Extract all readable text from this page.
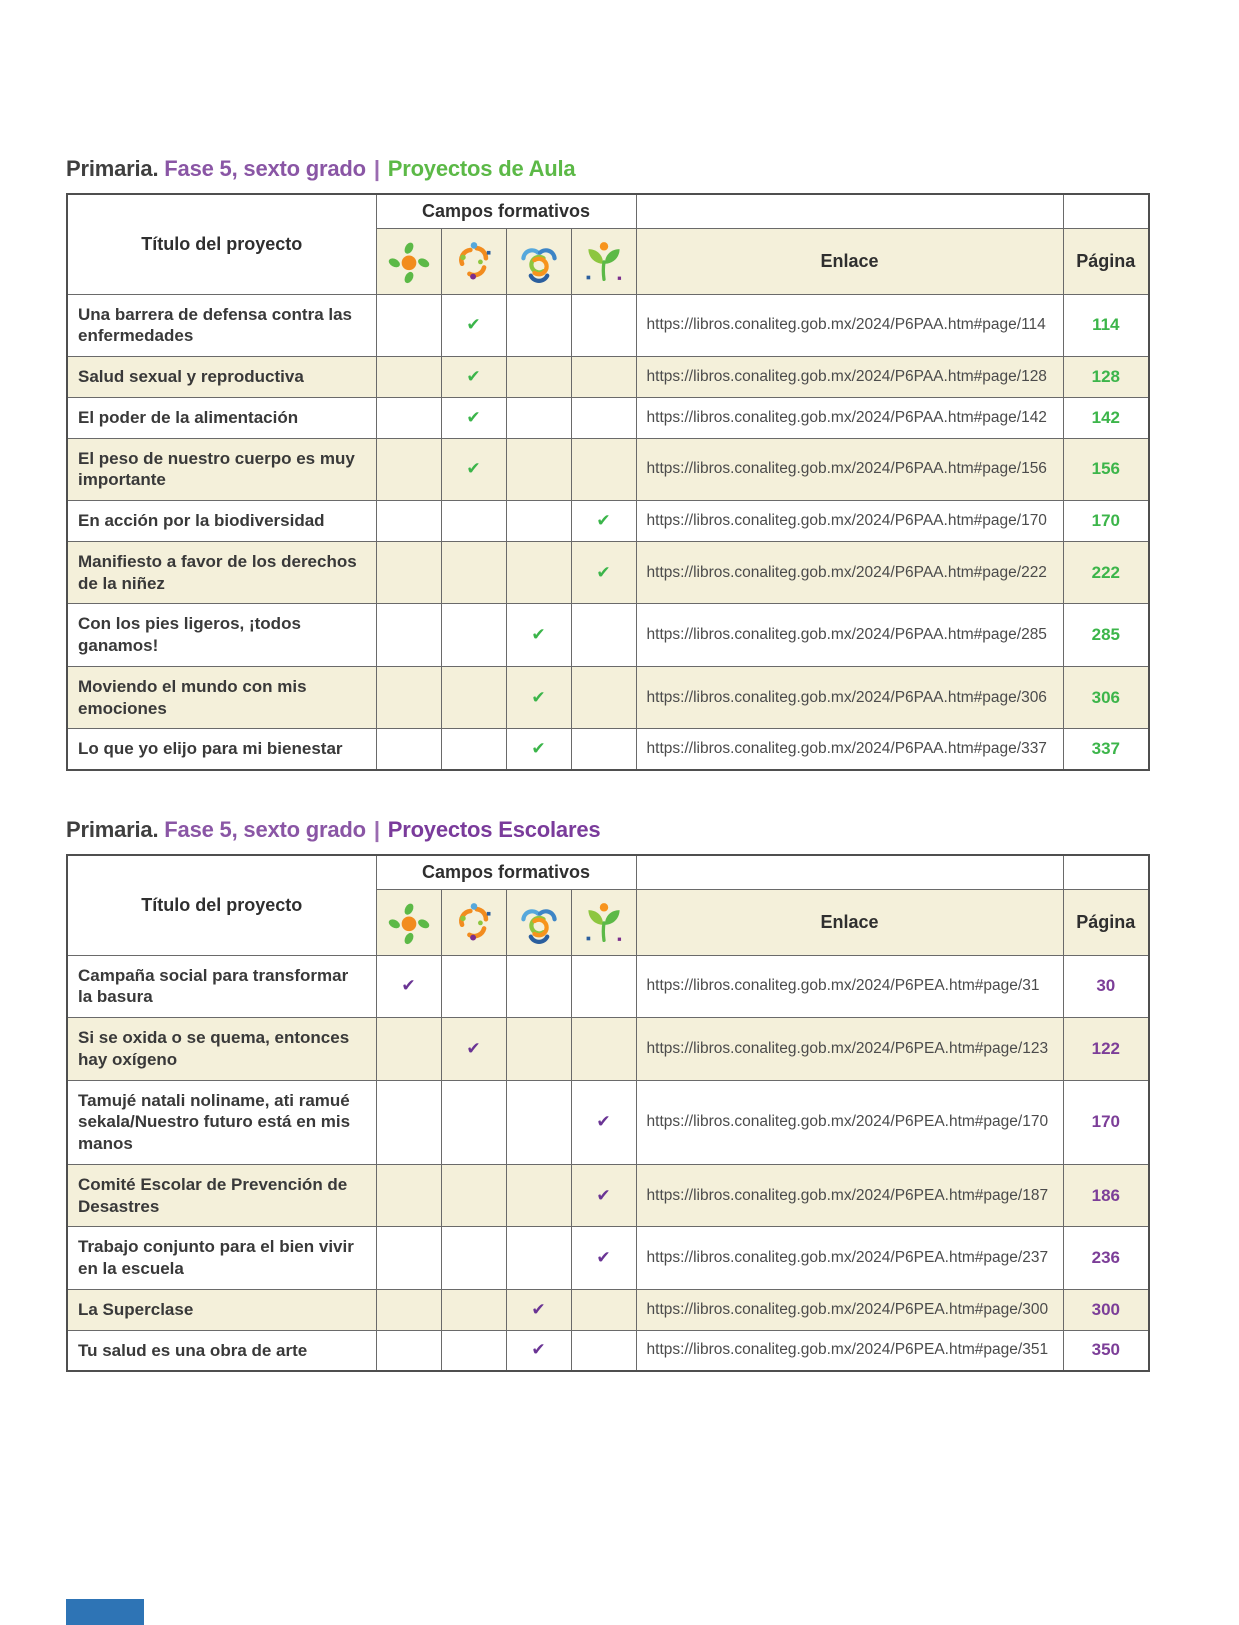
Primaria. Fase 5, sexto grado | Proyectos de Aula
Título del proyecto	Campos formativos					

	Enlace	Página
Una barrera de defensa contra las enfermedades		✔			https://libros.conaliteg.gob.mx/2024/P6PAA.htm#page/114	114
Salud sexual y reproductiva		✔			https://libros.conaliteg.gob.mx/2024/P6PAA.htm#page/128	128
El poder de la alimentación		✔			https://libros.conaliteg.gob.mx/2024/P6PAA.htm#page/142	142
El peso de nuestro cuerpo es muy importante		✔			https://libros.conaliteg.gob.mx/2024/P6PAA.htm#page/156	156
En acción por la biodiversidad				✔	https://libros.conaliteg.gob.mx/2024/P6PAA.htm#page/170	170
Manifiesto a favor de los derechos de la niñez				✔	https://libros.conaliteg.gob.mx/2024/P6PAA.htm#page/222	222
Con los pies ligeros, ¡todos ganamos!			✔		https://libros.conaliteg.gob.mx/2024/P6PAA.htm#page/285	285
Moviendo el mundo con mis emociones			✔		https://libros.conaliteg.gob.mx/2024/P6PAA.htm#page/306	306
Lo que yo elijo para mi bienestar			✔		https://libros.conaliteg.gob.mx/2024/P6PAA.htm#page/337	337
Primaria. Fase 5, sexto grado | Proyectos Escolares
Título del proyecto	Campos formativos					

	Enlace	Página
Campaña social para transformar la basura	✔				https://libros.conaliteg.gob.mx/2024/P6PEA.htm#page/31	30
Si se oxida o se quema, entonces hay oxígeno		✔			https://libros.conaliteg.gob.mx/2024/P6PEA.htm#page/123	122
Tamujé natali noliname, ati ramué sekala/Nuestro futuro está en mis manos				✔	https://libros.conaliteg.gob.mx/2024/P6PEA.htm#page/170	170
Comité Escolar de Prevención de Desastres				✔	https://libros.conaliteg.gob.mx/2024/P6PEA.htm#page/187	186
Trabajo conjunto para el bien vivir en la escuela				✔	https://libros.conaliteg.gob.mx/2024/P6PEA.htm#page/237	236
La Superclase			✔		https://libros.conaliteg.gob.mx/2024/P6PEA.htm#page/300	300
Tu salud es una obra de arte			✔		https://libros.conaliteg.gob.mx/2024/P6PEA.htm#page/351	350
